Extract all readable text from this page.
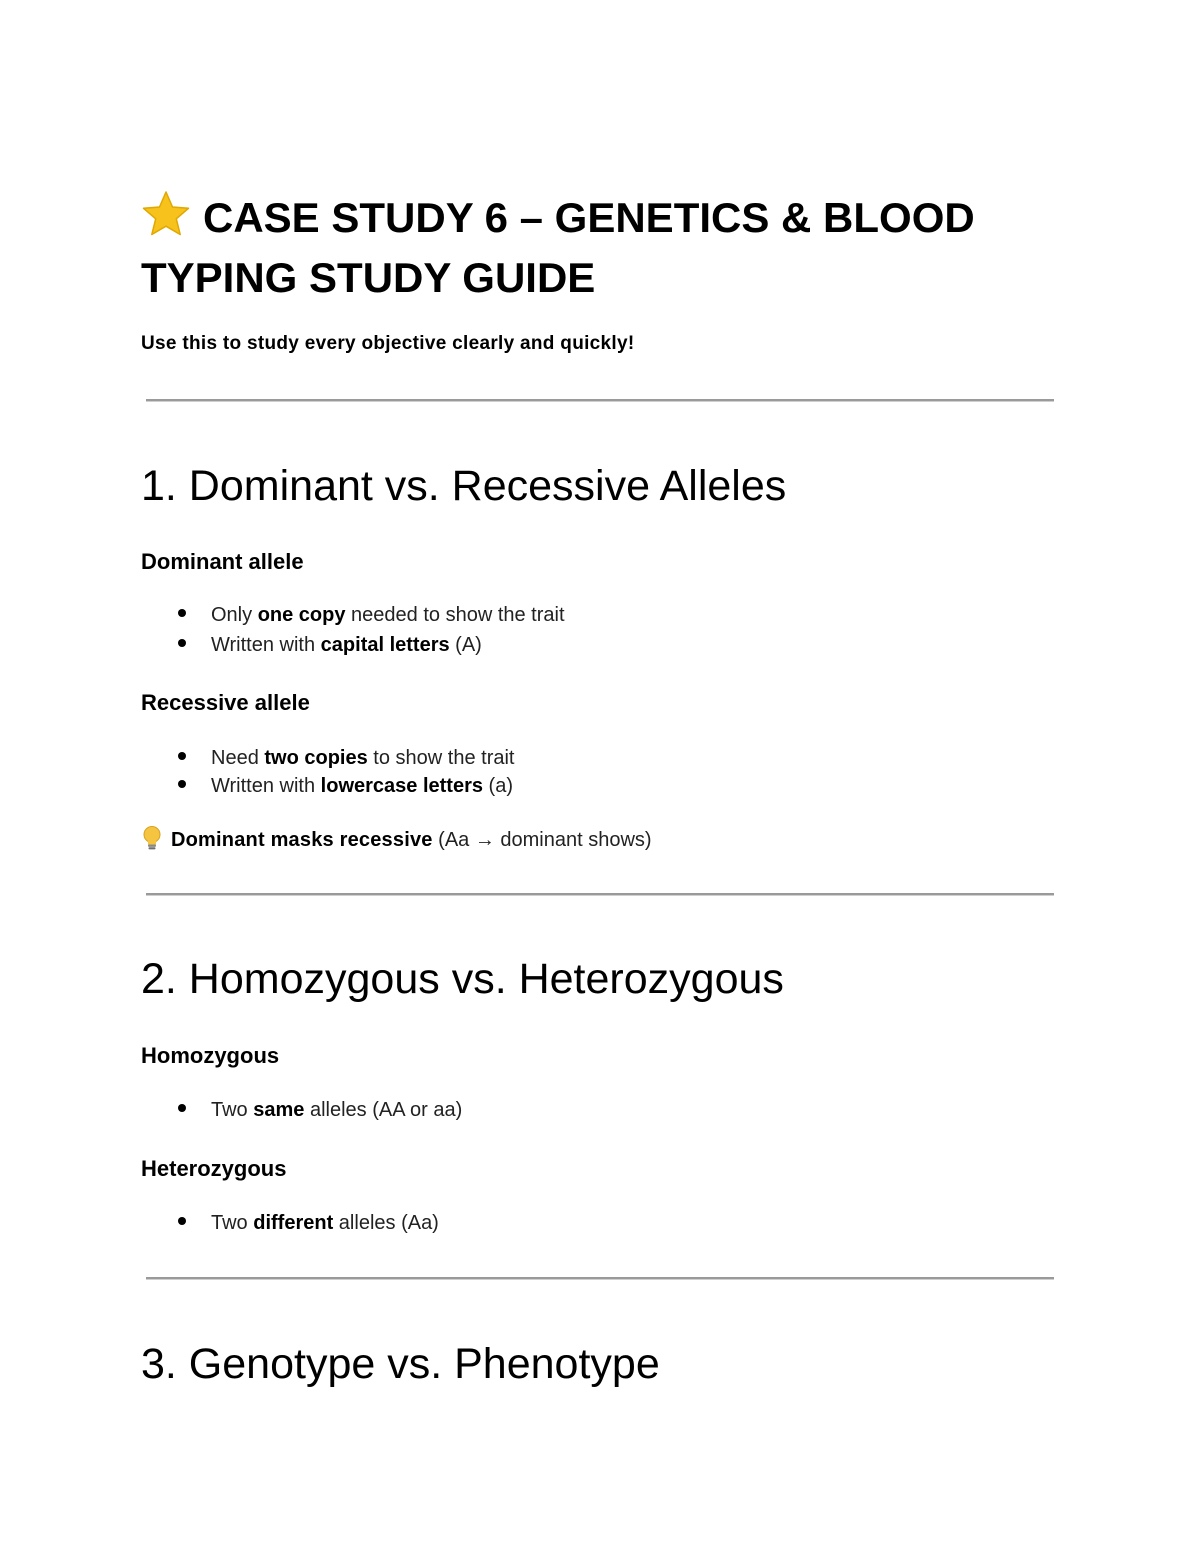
CASE STUDY 6 – GENETICS & BLOOD TYPING STUDY GUIDE

Use this to study every objective clearly and quickly!

1. Dominant vs. Recessive Alleles
Dominant allele
Only one copy needed to show the trait
Written with capital letters (A)
Recessive allele
Need two copies to show the trait
Written with lowercase letters (a)
Dominant masks recessive (Aa → dominant shows)
2. Homozygous vs. Heterozygous
Homozygous
Two same alleles (AA or aa)
Heterozygous
Two different alleles (Aa)
3. Genotype vs. Phenotype
